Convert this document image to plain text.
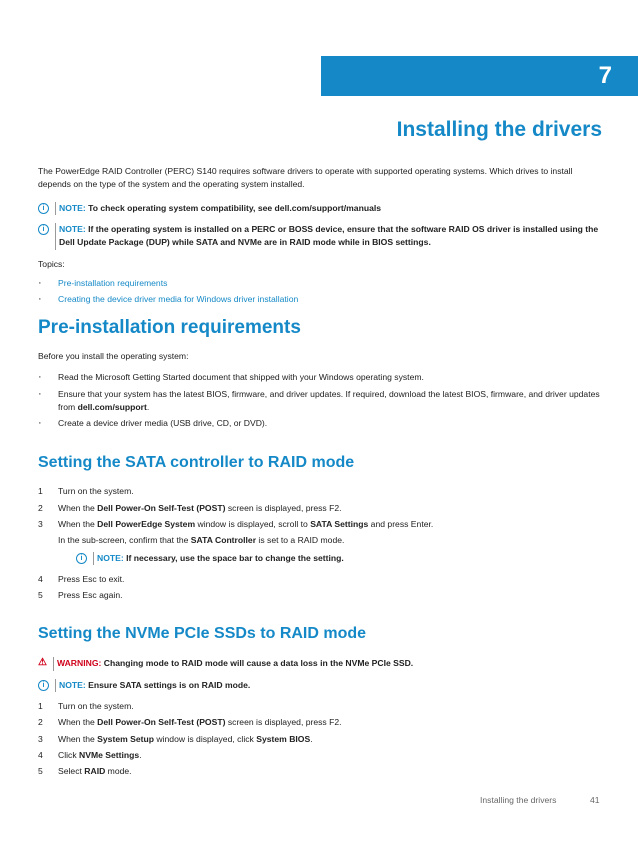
7
Installing the drivers

The PowerEdge RAID Controller (PERC) S140 requires software drivers to operate with supported operating systems. Which drives to install depends on the type of the system and the operating system installed.

i	NOTE: To check operating system compatibility, see dell.com/support/manuals
i	NOTE: If the operating system is installed on a PERC or BOSS device, ensure that the software RAID OS driver is installed using the Dell Update Package (DUP) while SATA and NVMe are in RAID mode while in BIOS settings.

Topics:

· Pre-installation requirements
· Creating the device driver media for Windows driver installation
Pre-installation requirements

Before you install the operating system:

· Read the Microsoft Getting Started document that shipped with your Windows operating system.
· Ensure that your system has the latest BIOS, firmware, and driver updates. If required, download the latest BIOS, firmware, and driver updates from dell.com/support.
· Create a device driver media (USB drive, CD, or DVD).
Setting the SATA controller to RAID mode
1	Turn on the system.
2	When the Dell Power-On Self-Test (POST) screen is displayed, press F2.
3	When the Dell PowerEdge System window is displayed, scroll to SATA Settings and press Enter.

In the sub-screen, confirm that the SATA Controller is set to a RAID mode.

i	NOTE: If necessary, use the space bar to change the setting.
4	Press Esc to exit.
5	Press Esc again.
Setting the NVMe PCIe SSDs to RAID mode
⚠ WARNING: Changing mode to RAID mode will cause a data loss in the NVMe PCIe SSD.
i	NOTE: Ensure SATA settings is on RAID mode.
1	Turn on the system.
2	When the Dell Power-On Self-Test (POST) screen is displayed, press F2.
3	When the System Setup window is displayed, click System BIOS.
4	Click NVMe Settings.
5	Select RAID mode.
Installing the drivers	41
